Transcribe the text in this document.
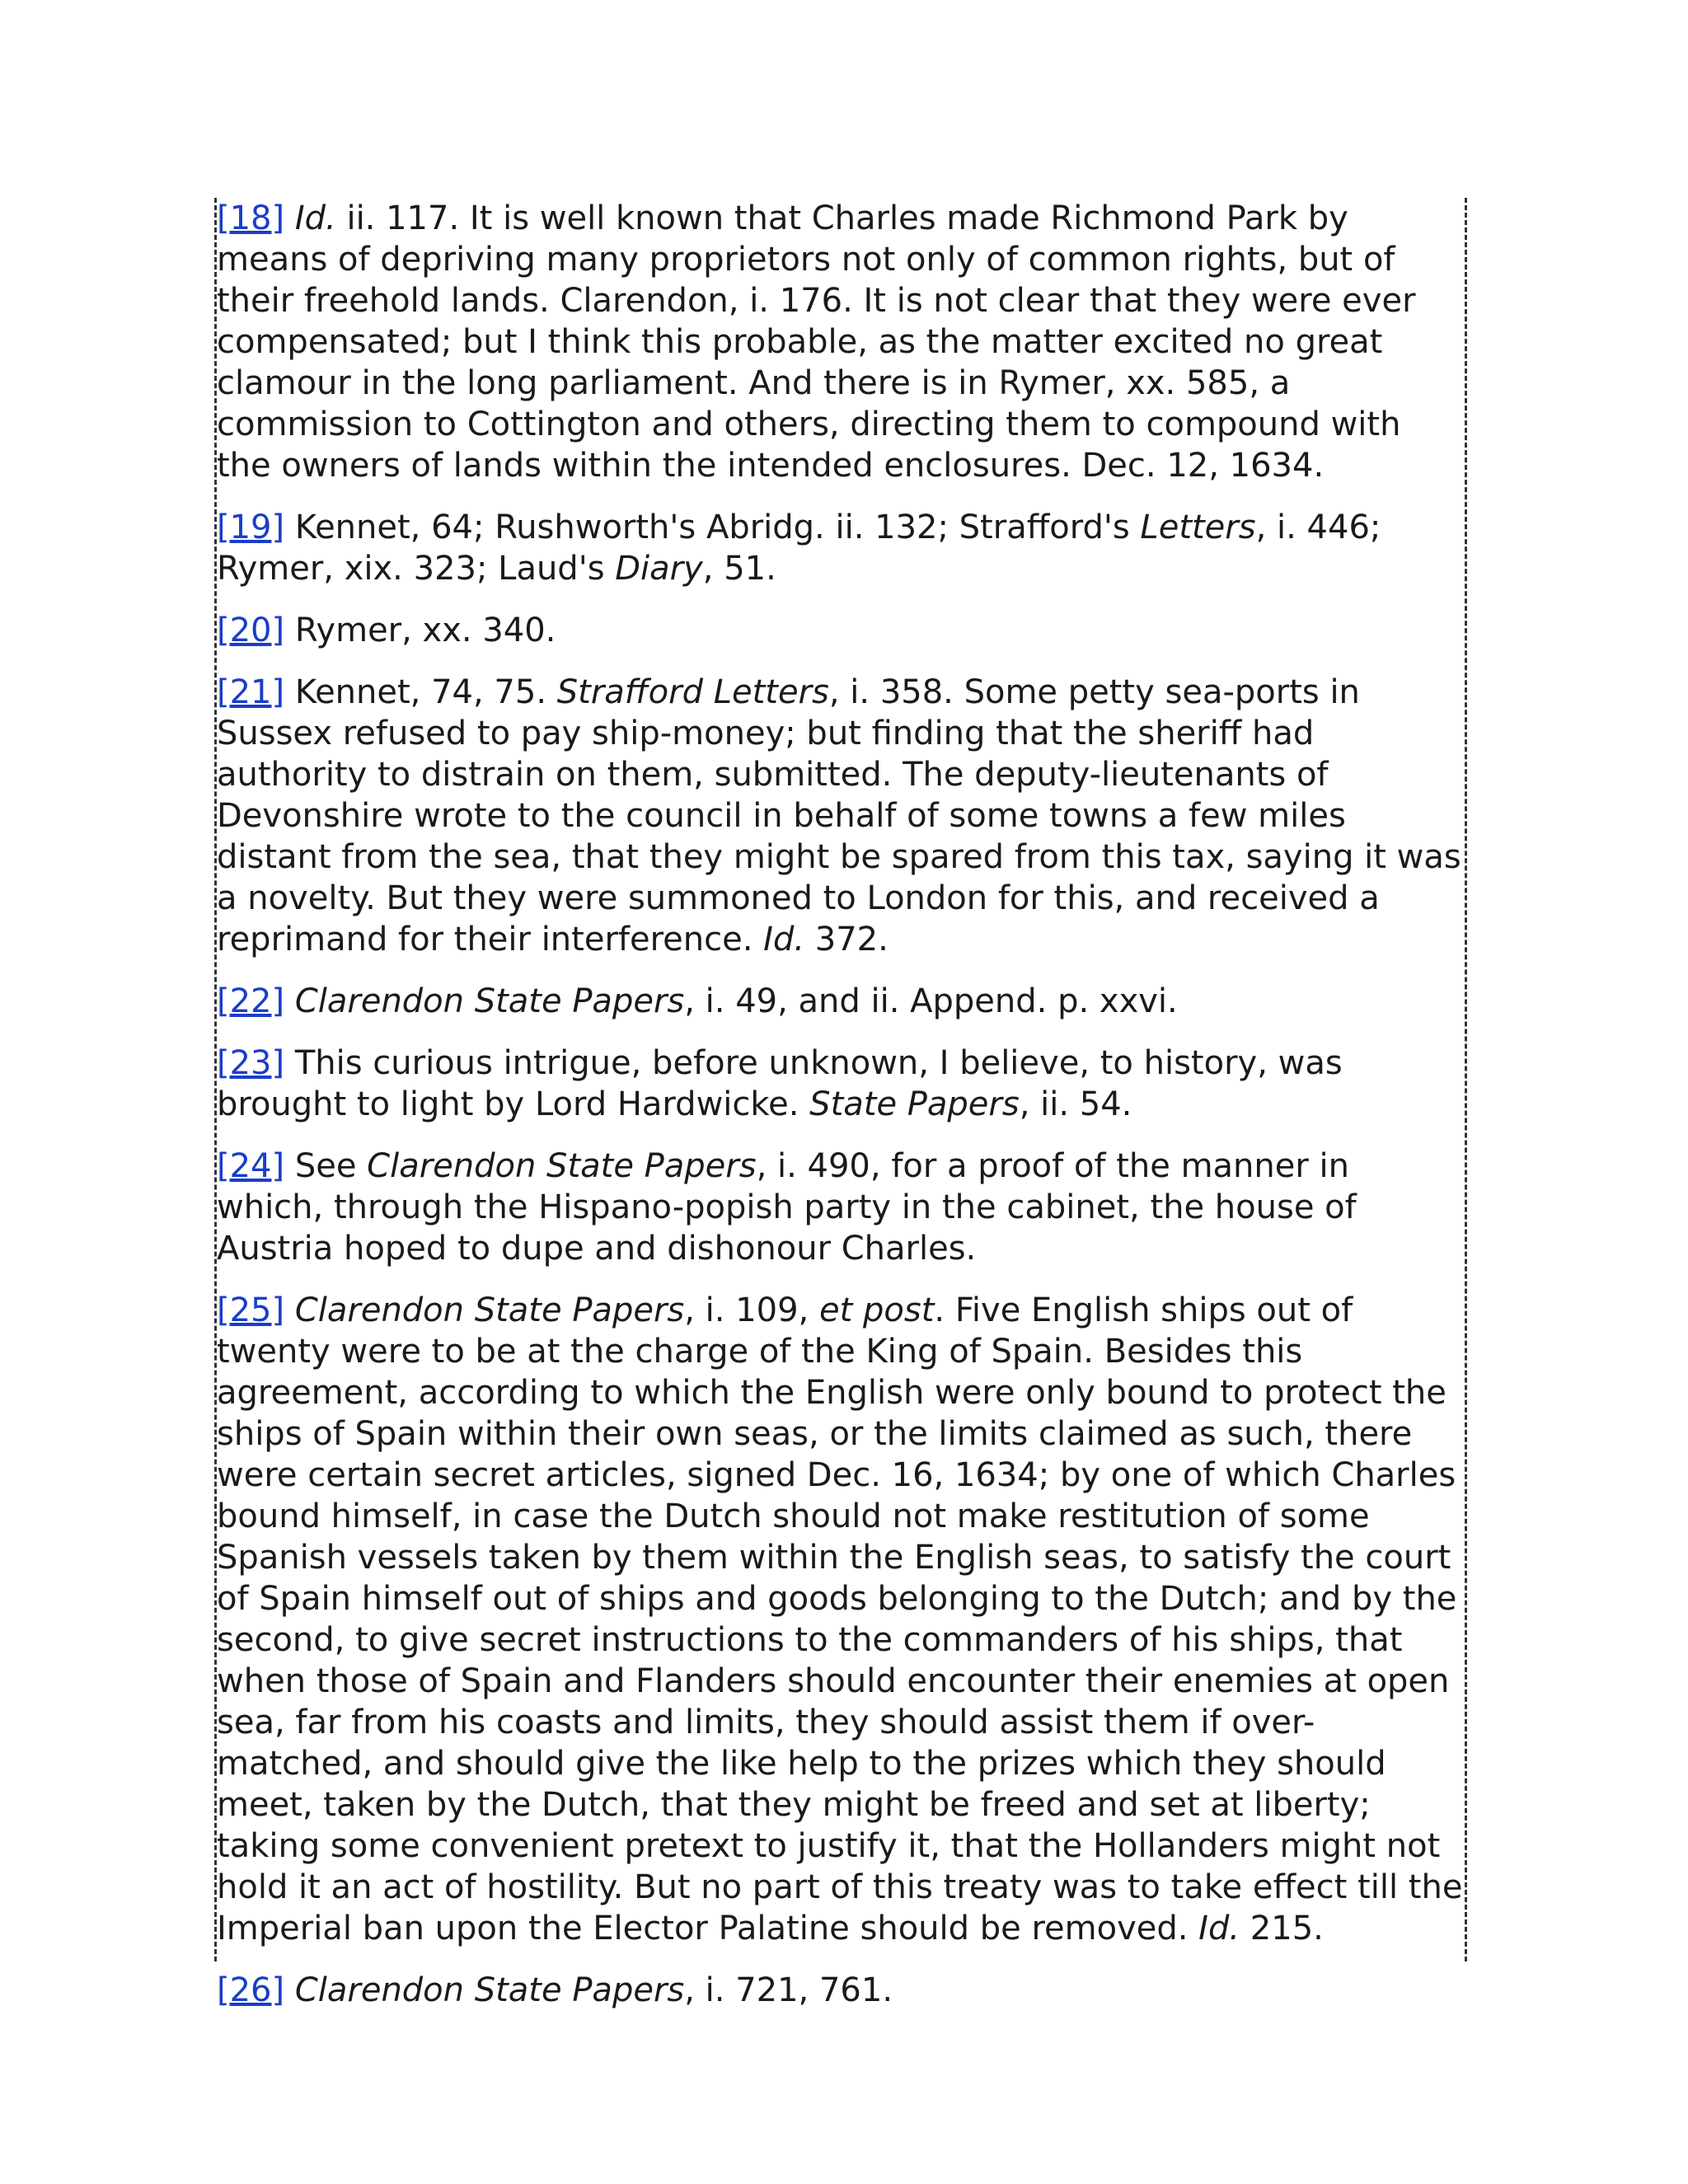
[18] Id. ii. 117. It is well known that Charles made Richmond Park by means of depriving many proprietors not only of common rights, but of their freehold lands. Clarendon, i. 176. It is not clear that they were ever compensated; but I think this probable, as the matter excited no great clamour in the long parliament. And there is in Rymer, xx. 585, a commission to Cottington and others, directing them to compound with the owners of lands within the intended enclosures. Dec. 12, 1634.

[19] Kennet, 64; Rushworth's Abridg. ii. 132; Strafford's Letters, i. 446; Rymer, xix. 323; Laud's Diary, 51.

[20] Rymer, xx. 340.

[21] Kennet, 74, 75. Strafford Letters, i. 358. Some petty sea-ports in Sussex refused to pay ship-money; but finding that the sheriff had authority to distrain on them, submitted. The deputy-lieutenants of Devonshire wrote to the council in behalf of some towns a few miles distant from the sea, that they might be spared from this tax, saying it was a novelty. But they were summoned to London for this, and received a reprimand for their interference. Id. 372.

[22] Clarendon State Papers, i. 49, and ii. Append. p. xxvi.

[23] This curious intrigue, before unknown, I believe, to history, was brought to light by Lord Hardwicke. State Papers, ii. 54.

[24] See Clarendon State Papers, i. 490, for a proof of the manner in which, through the Hispano-popish party in the cabinet, the house of Austria hoped to dupe and dishonour Charles.

[25] Clarendon State Papers, i. 109, et post. Five English ships out of twenty were to be at the charge of the King of Spain. Besides this agreement, according to which the English were only bound to protect the ships of Spain within their own seas, or the limits claimed as such, there were certain secret articles, signed Dec. 16, 1634; by one of which Charles bound himself, in case the Dutch should not make restitution of some Spanish vessels taken by them within the English seas, to satisfy the court of Spain himself out of ships and goods belonging to the Dutch; and by the second, to give secret instructions to the commanders of his ships, that when those of Spain and Flanders should encounter their enemies at open sea, far from his coasts and limits, they should assist them if over-matched, and should give the like help to the prizes which they should meet, taken by the Dutch, that they might be freed and set at liberty; taking some convenient pretext to justify it, that the Hollanders might not hold it an act of hostility. But no part of this treaty was to take effect till the Imperial ban upon the Elector Palatine should be removed. Id. 215.

[26] Clarendon State Papers, i. 721, 761.
